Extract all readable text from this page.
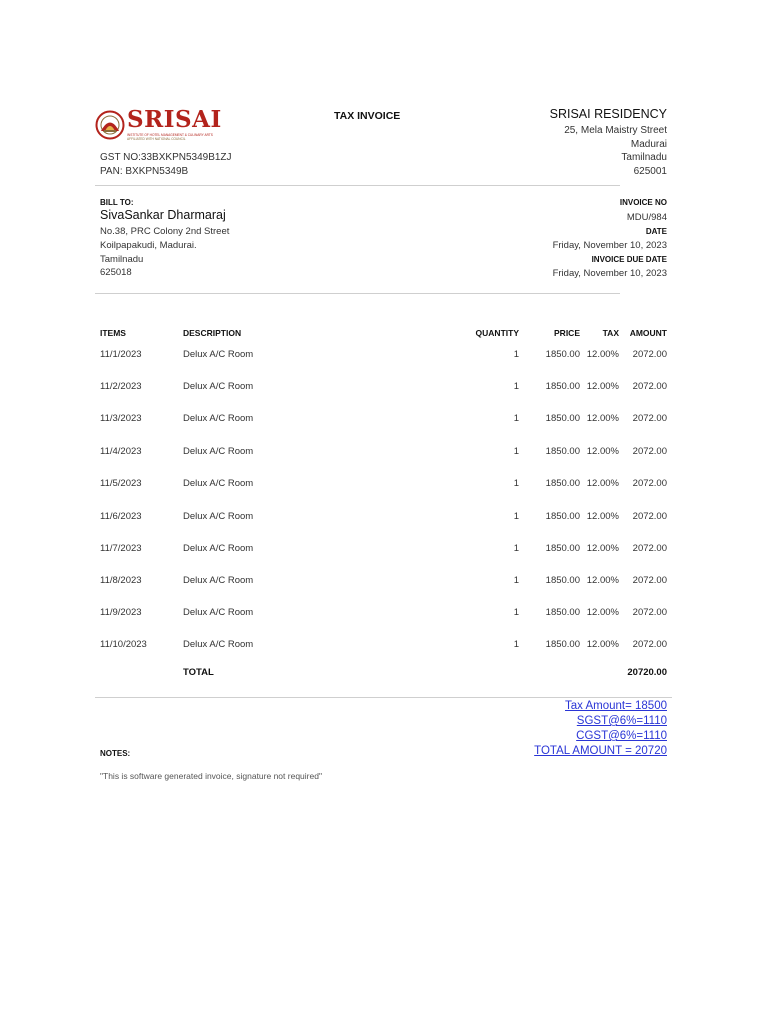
SRISAI
INSTITUTE OF HOTEL MANAGEMENT & CULINARY ARTS
AFFILIATED WITH NATIONAL COUNCIL
TAX INVOICE	SRISAI RESIDENCY
25, Mela Maistry Street
Madurai
Tamilnadu
625001
GST NO:33BXKPN5349B1ZJ
PAN: BXKPN5349B
BILL TO:
SivaSankar Dharmaraj
No.38, PRC Colony 2nd Street
Koilpapakudi, Madurai.
Tamilnadu
625018
INVOICE NO
MDU/984
DATE
Friday, November 10, 2023
INVOICE DUE DATE
Friday, November 10, 2023
ITEMS	DESCRIPTION	QUANTITY	PRICE	TAX AMOUNT
11/1/2023	Delux A/C Room	1	1850.00 12.00% 2072.00
11/2/2023	Delux A/C Room	1	1850.00 12.00% 2072.00
11/3/2023	Delux A/C Room	1	1850.00 12.00% 2072.00
11/4/2023	Delux A/C Room	1	1850.00 12.00% 2072.00
11/5/2023	Delux A/C Room	1	1850.00 12.00% 2072.00
11/6/2023	Delux A/C Room	1	1850.00 12.00% 2072.00
11/7/2023	Delux A/C Room	1	1850.00 12.00% 2072.00
11/8/2023	Delux A/C Room	1	1850.00 12.00% 2072.00
11/9/2023	Delux A/C Room	1	1850.00 12.00% 2072.00
11/10/2023	Delux A/C Room	1	1850.00 12.00% 2072.00
TOTAL	20720.00
Tax Amount= 18500
SGST@6%=1110
CGST@6%=1110
TOTAL AMOUNT = 20720
NOTES:
"This is software generated invoice, signature not required"
